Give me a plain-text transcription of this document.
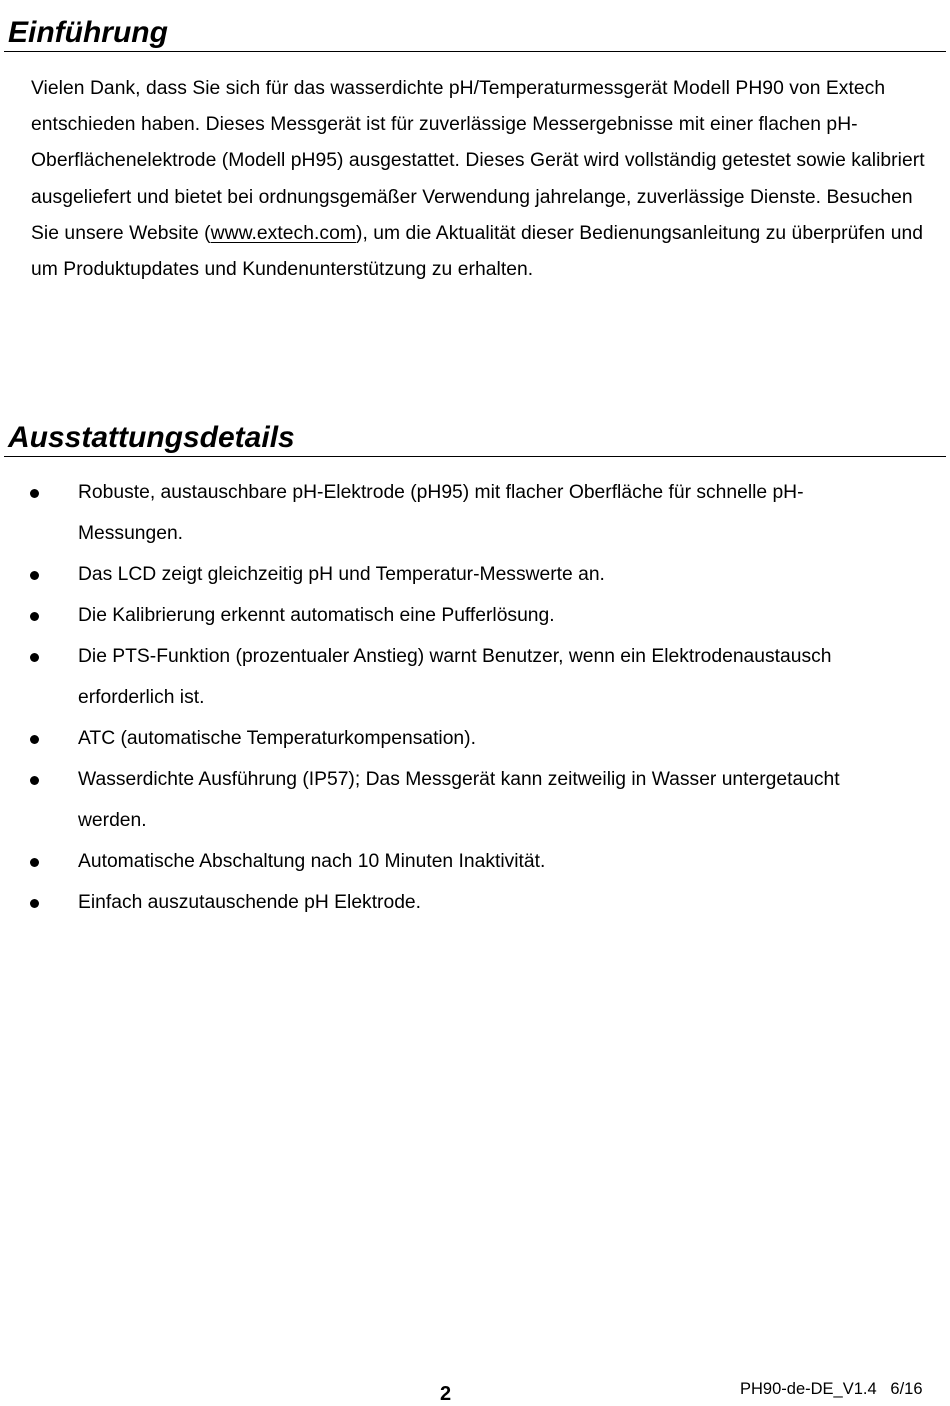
Einführung

Vielen Dank, dass Sie sich für das wasserdichte pH/Temperaturmessgerät Modell PH90 von Extech entschieden haben. Dieses Messgerät ist für zuverlässige Messergebnisse mit einer flachen pH-Oberflächenelektrode (Modell pH95) ausgestattet. Dieses Gerät wird vollständig getestet sowie kalibriert ausgeliefert und bietet bei ordnungsgemäßer Verwendung jahrelange, zuverlässige Dienste. Besuchen Sie unsere Website (www.extech.com), um die Aktualität dieser Bedienungsanleitung zu überprüfen und um Produktupdates und Kundenunterstützung zu erhalten.

Ausstattungsdetails
Robuste, austauschbare pH-Elektrode (pH95) mit flacher Oberfläche für schnelle pH-Messungen.
Das LCD zeigt gleichzeitig pH und Temperatur-Messwerte an.
Die Kalibrierung erkennt automatisch eine Pufferlösung.
Die PTS-Funktion (prozentualer Anstieg) warnt Benutzer, wenn ein Elektrodenaustausch erforderlich ist.
ATC (automatische Temperaturkompensation).
Wasserdichte Ausführung (IP57); Das Messgerät kann zeitweilig in Wasser untergetaucht werden.
Automatische Abschaltung nach 10 Minuten Inaktivität.
Einfach auszutauschende pH Elektrode.
2	PH90-de-DE_V1.4   6/16
